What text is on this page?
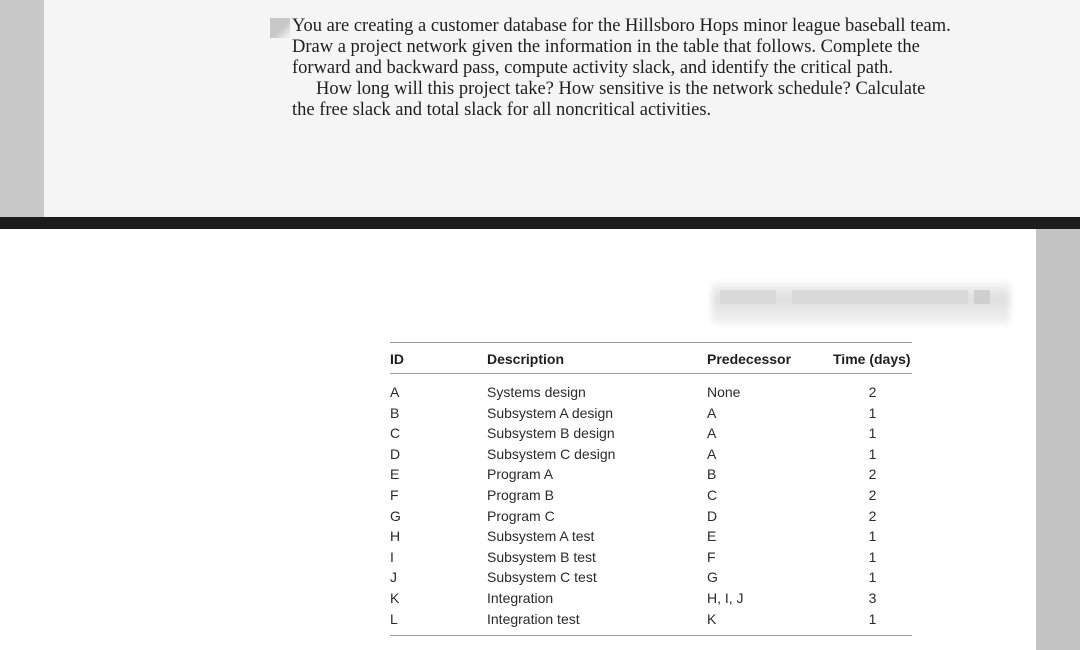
You are creating a customer database for the Hillsboro Hops minor league baseball team. Draw a project network given the information in the table that follows. Complete the forward and backward pass, compute activity slack, and identify the critical path.

How long will this project take? How sensitive is the network schedule? Calculate the free slack and total slack for all noncritical activities.

ID	Description	Predecessor	Time (days)
A	Systems design	None	2
B	Subsystem A design	A	1
C	Subsystem B design	A	1
D	Subsystem C design	A	1
E	Program A	B	2
F	Program B	C	2
G	Program C	D	2
H	Subsystem A test	E	1
I	Subsystem B test	F	1
J	Subsystem C test	G	1
K	Integration	H, I, J	3
L	Integration test	K	1
